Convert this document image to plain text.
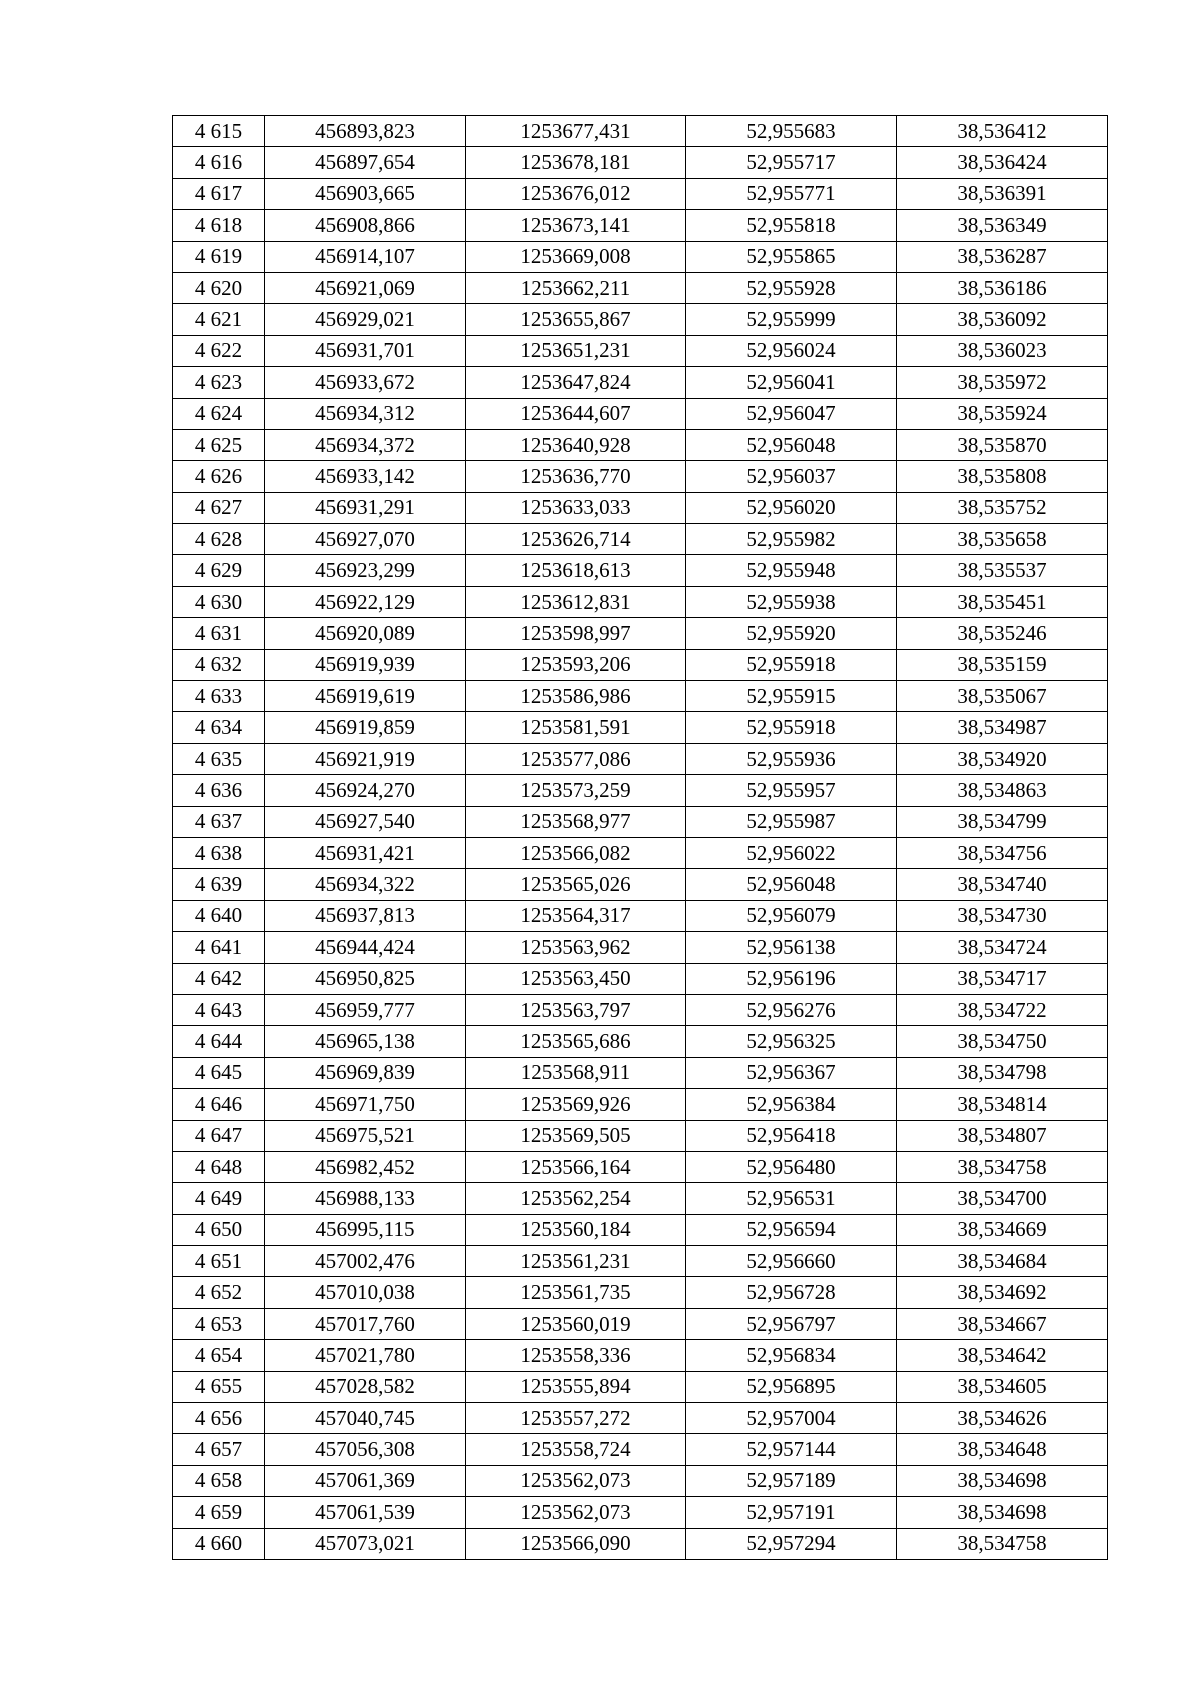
4 615	456893,823	1253677,431	52,955683	38,536412
4 616	456897,654	1253678,181	52,955717	38,536424
4 617	456903,665	1253676,012	52,955771	38,536391
4 618	456908,866	1253673,141	52,955818	38,536349
4 619	456914,107	1253669,008	52,955865	38,536287
4 620	456921,069	1253662,211	52,955928	38,536186
4 621	456929,021	1253655,867	52,955999	38,536092
4 622	456931,701	1253651,231	52,956024	38,536023
4 623	456933,672	1253647,824	52,956041	38,535972
4 624	456934,312	1253644,607	52,956047	38,535924
4 625	456934,372	1253640,928	52,956048	38,535870
4 626	456933,142	1253636,770	52,956037	38,535808
4 627	456931,291	1253633,033	52,956020	38,535752
4 628	456927,070	1253626,714	52,955982	38,535658
4 629	456923,299	1253618,613	52,955948	38,535537
4 630	456922,129	1253612,831	52,955938	38,535451
4 631	456920,089	1253598,997	52,955920	38,535246
4 632	456919,939	1253593,206	52,955918	38,535159
4 633	456919,619	1253586,986	52,955915	38,535067
4 634	456919,859	1253581,591	52,955918	38,534987
4 635	456921,919	1253577,086	52,955936	38,534920
4 636	456924,270	1253573,259	52,955957	38,534863
4 637	456927,540	1253568,977	52,955987	38,534799
4 638	456931,421	1253566,082	52,956022	38,534756
4 639	456934,322	1253565,026	52,956048	38,534740
4 640	456937,813	1253564,317	52,956079	38,534730
4 641	456944,424	1253563,962	52,956138	38,534724
4 642	456950,825	1253563,450	52,956196	38,534717
4 643	456959,777	1253563,797	52,956276	38,534722
4 644	456965,138	1253565,686	52,956325	38,534750
4 645	456969,839	1253568,911	52,956367	38,534798
4 646	456971,750	1253569,926	52,956384	38,534814
4 647	456975,521	1253569,505	52,956418	38,534807
4 648	456982,452	1253566,164	52,956480	38,534758
4 649	456988,133	1253562,254	52,956531	38,534700
4 650	456995,115	1253560,184	52,956594	38,534669
4 651	457002,476	1253561,231	52,956660	38,534684
4 652	457010,038	1253561,735	52,956728	38,534692
4 653	457017,760	1253560,019	52,956797	38,534667
4 654	457021,780	1253558,336	52,956834	38,534642
4 655	457028,582	1253555,894	52,956895	38,534605
4 656	457040,745	1253557,272	52,957004	38,534626
4 657	457056,308	1253558,724	52,957144	38,534648
4 658	457061,369	1253562,073	52,957189	38,534698
4 659	457061,539	1253562,073	52,957191	38,534698
4 660	457073,021	1253566,090	52,957294	38,534758
